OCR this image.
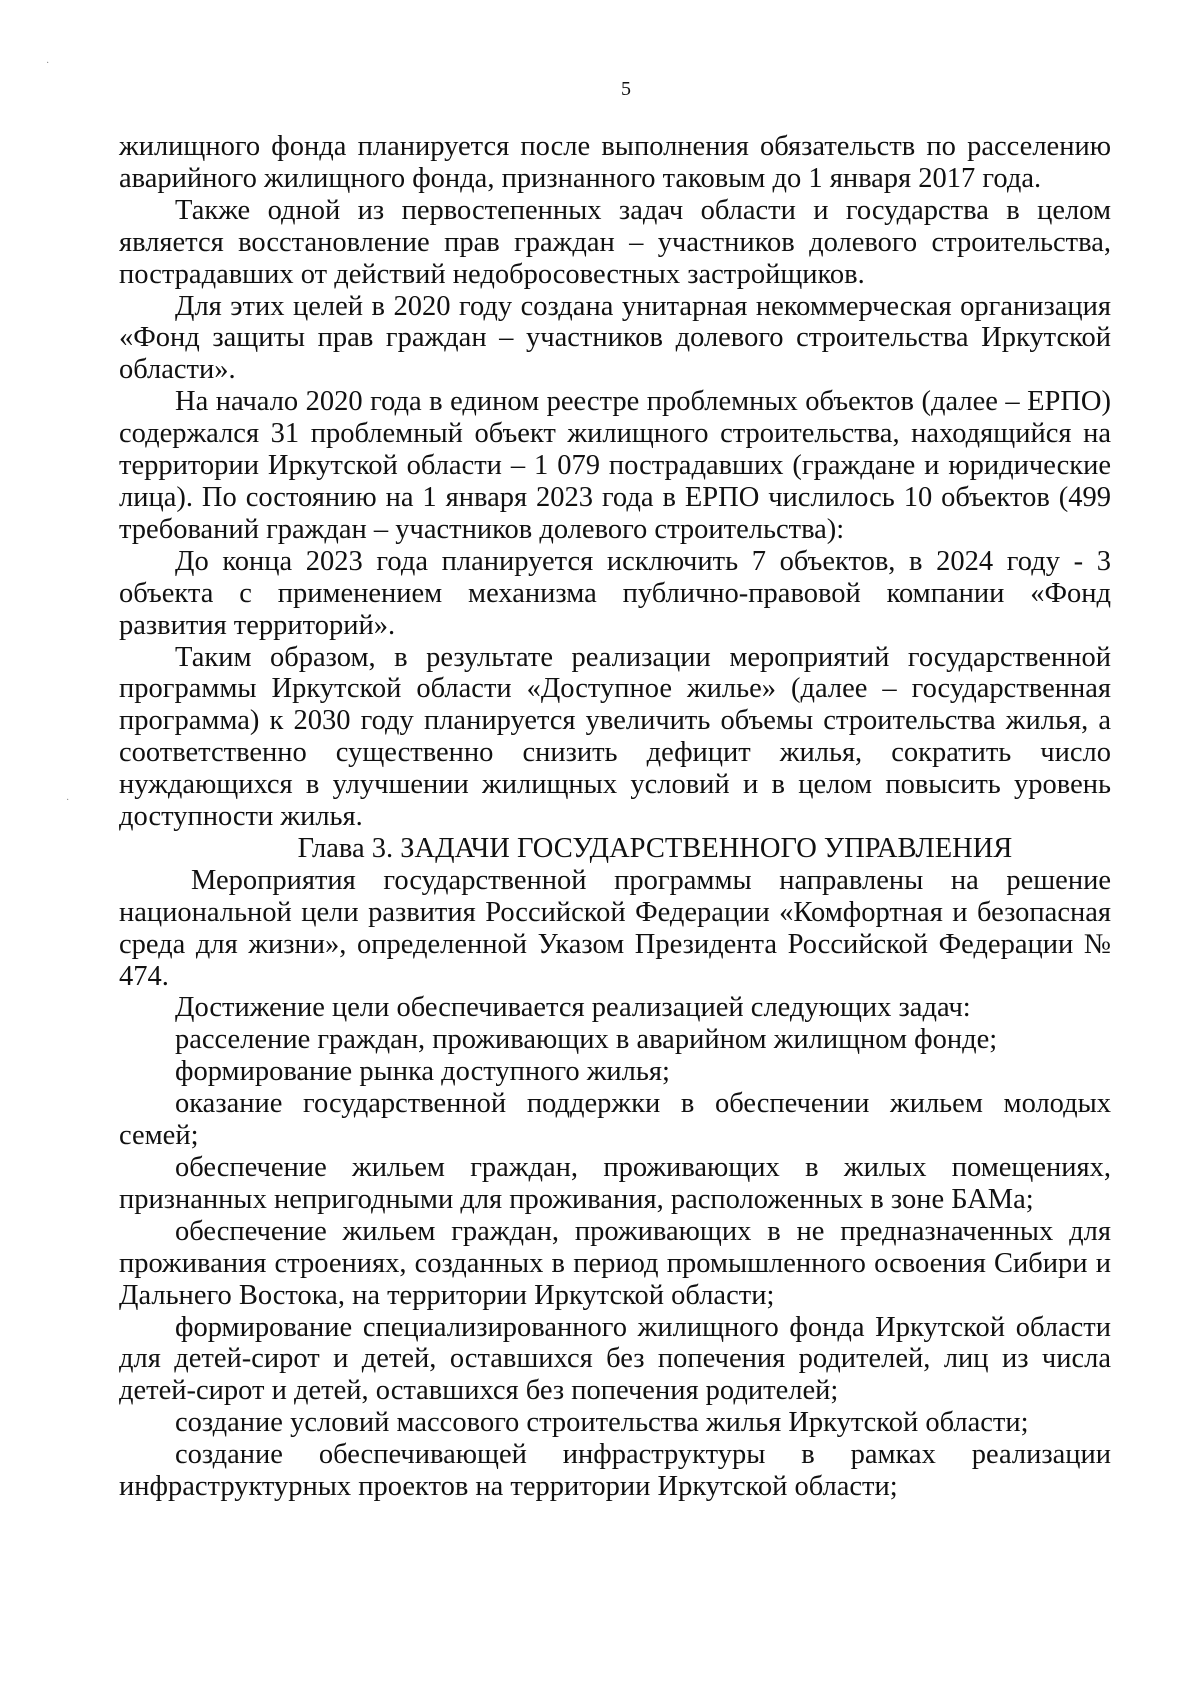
5

жилищного фонда планируется после выполнения обязательств по расселению аварийного жилищного фонда, признанного таковым до 1 января 2017 года.

Также одной из первостепенных задач области и государства в целом является восстановление прав граждан – участников долевого строительства, пострадавших от действий недобросовестных застройщиков.

Для этих целей в 2020 году создана унитарная некоммерческая организация «Фонд защиты прав граждан – участников долевого строительства Иркутской области».

На начало 2020 года в едином реестре проблемных объектов (далее – ЕРПО) содержался 31 проблемный объект жилищного строительства, находящийся на территории Иркутской области – 1 079 пострадавших (граждане и юридические лица). По состоянию на 1 января 2023 года в ЕРПО числилось 10 объектов (499 требований граждан – участников долевого строительства):

До конца 2023 года планируется исключить 7 объектов, в 2024 году - 3 объекта с применением механизма публично-правовой компании «Фонд развития территорий».

Таким образом, в результате реализации мероприятий государственной программы Иркутской области «Доступное жилье» (далее – государственная программа) к 2030 году планируется увеличить объемы строительства жилья, а соответственно существенно снизить дефицит жилья, сократить число нуждающихся в улучшении жилищных условий и в целом повысить уровень доступности жилья.

Глава 3. ЗАДАЧИ ГОСУДАРСТВЕННОГО УПРАВЛЕНИЯ

Мероприятия государственной программы направлены на решение национальной цели развития Российской Федерации «Комфортная и безопасная среда для жизни», определенной Указом Президента Российской Федерации № 474.

Достижение цели обеспечивается реализацией следующих задач:

расселение граждан, проживающих в аварийном жилищном фонде;

формирование рынка доступного жилья;

оказание государственной поддержки в обеспечении жильем молодых семей;

обеспечение жильем граждан, проживающих в жилых помещениях, признанных непригодными для проживания, расположенных в зоне БАМа;

обеспечение жильем граждан, проживающих в не предназначенных для проживания строениях, созданных в период промышленного освоения Сибири и Дальнего Востока, на территории Иркутской области;

формирование специализированного жилищного фонда Иркутской области для детей-сирот и детей, оставшихся без попечения родителей, лиц из числа детей-сирот и детей, оставшихся без попечения родителей;

создание условий массового строительства жилья Иркутской области;

создание обеспечивающей инфраструктуры в рамках реализации инфраструктурных проектов на территории Иркутской области;

·
·
